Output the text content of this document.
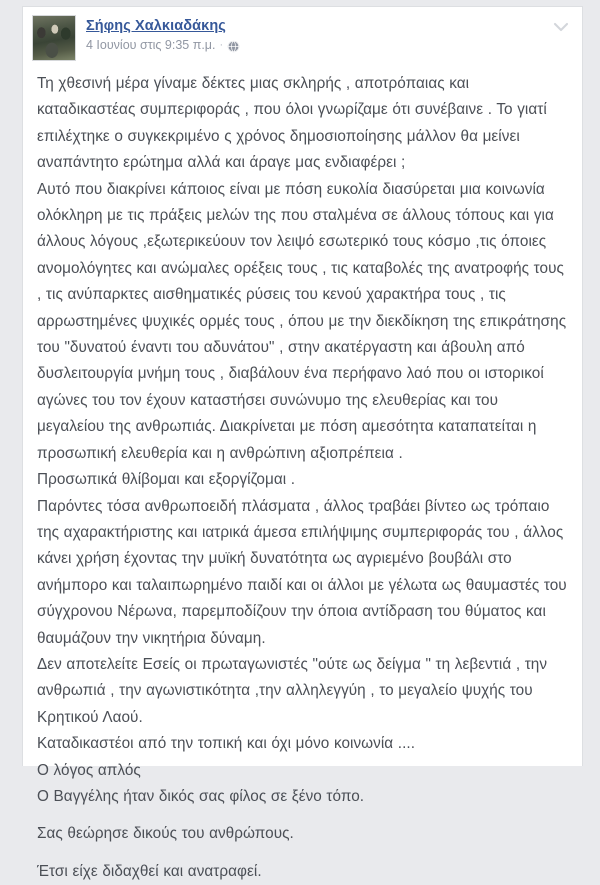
Σήφης Χαλκιαδάκης
4 Ιουνίου στις 9:35 π.μ. ·

Τη χθεσινή μέρα γίναμε δέκτες μιας σκληρής , αποτρόπαιας και καταδικαστέας συμπεριφοράς , που όλοι γνωρίζαμε ότι συνέβαινε . Το γιατί επιλέχτηκε ο συγκεκριμένο ς χρόνος δημοσιοποίησης μάλλον θα μείνει αναπάντητο ερώτημα αλλά και άραγε μας ενδιαφέρει ;

Αυτό που διακρίνει κάποιος είναι με πόση ευκολία διασύρεται μια κοινωνία ολόκληρη με τις πράξεις μελών της που σταλμένα σε άλλους τόπους και για άλλους λόγους ,εξωτερικεύουν τον λειψό εσωτερικό τους κόσμο ,τις όποιες ανομολόγητες και ανώμαλες ορέξεις τους , τις καταβολές της ανατροφής τους , τις ανύπαρκτες αισθηματικές ρύσεις του κενού χαρακτήρα τους , τις αρρωστημένες ψυχικές ορμές τους , όπου με την διεκδίκηση της επικράτησης του "δυνατού έναντι του αδυνάτου" , στην ακατέργαστη και άβουλη από δυσλειτουργία μνήμη τους , διαβάλουν ένα περήφανο λαό που οι ιστορικοί αγώνες του τον έχουν καταστήσει συνώνυμο της ελευθερίας και του μεγαλείου της ανθρωπιάς. Διακρίνεται με πόση αμεσότητα καταπατείται η προσωπική ελευθερία και η ανθρώπινη αξιοπρέπεια .

Προσωπικά θλίβομαι και εξοργίζομαι .

Παρόντες τόσα ανθρωποειδή πλάσματα , άλλος τραβάει βίντεο ως τρόπαιο της αχαρακτήριστης και ιατρικά άμεσα επιλήψιμης συμπεριφοράς του , άλλος κάνει χρήση έχοντας την μυϊκή δυνατότητα ως αγριεμένο βουβάλι στο ανήμπορο και ταλαιπωρημένο παιδί και οι άλλοι με γέλωτα ως θαυμαστές του σύγχρονου Νέρωνα, παρεμποδίζουν την όποια αντίδραση του θύματος και θαυμάζουν την νικητήρια δύναμη.

Δεν αποτελείτε Εσείς οι πρωταγωνιστές "ούτε ως δείγμα " τη λεβεντιά , την ανθρωπιά , την αγωνιστικότητα ,την αλληλεγγύη , το μεγαλείο ψυχής του Κρητικού Λαού.

Καταδικαστέοι από την τοπική και όχι μόνο κοινωνία ....

Ο λόγος απλός

Ο Βαγγέλης ήταν δικός σας φίλος σε ξένο τόπο.

Σας θεώρησε δικούς του ανθρώπους.

Έτσι είχε διδαχθεί και ανατραφεί.
